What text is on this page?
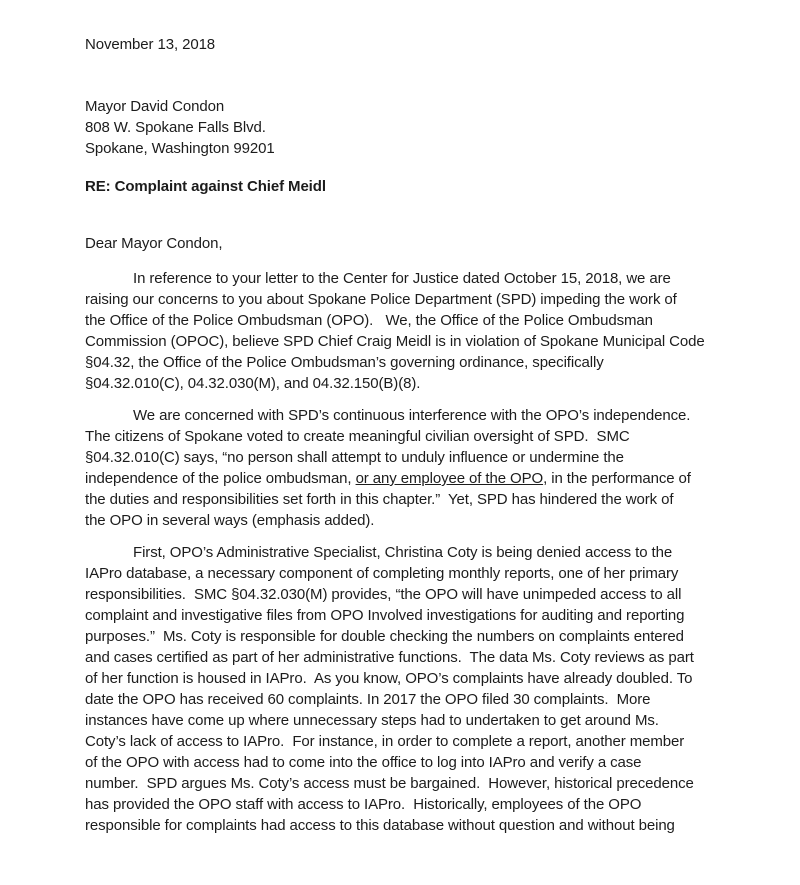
November 13, 2018
Mayor David Condon
808 W. Spokane Falls Blvd.
Spokane, Washington 99201
RE: Complaint against Chief Meidl
Dear Mayor Condon,
In reference to your letter to the Center for Justice dated October 15, 2018, we are
raising our concerns to you about Spokane Police Department (SPD) impeding the work of
the Office of the Police Ombudsman (OPO).   We, the Office of the Police Ombudsman
Commission (OPOC), believe SPD Chief Craig Meidl is in violation of Spokane Municipal Code
§04.32, the Office of the Police Ombudsman’s governing ordinance, specifically
§04.32.010(C), 04.32.030(M), and 04.32.150(B)(8).
We are concerned with SPD’s continuous interference with the OPO’s independence.
The citizens of Spokane voted to create meaningful civilian oversight of SPD.  SMC
§04.32.010(C) says, “no person shall attempt to unduly influence or undermine the
independence of the police ombudsman, or any employee of the OPO, in the performance of
the duties and responsibilities set forth in this chapter.”  Yet, SPD has hindered the work of
the OPO in several ways (emphasis added).
First, OPO’s Administrative Specialist, Christina Coty is being denied access to the
IAPro database, a necessary component of completing monthly reports, one of her primary
responsibilities.  SMC §04.32.030(M) provides, “the OPO will have unimpeded access to all
complaint and investigative files from OPO Involved investigations for auditing and reporting
purposes.”  Ms. Coty is responsible for double checking the numbers on complaints entered
and cases certified as part of her administrative functions.  The data Ms. Coty reviews as part
of her function is housed in IAPro.  As you know, OPO’s complaints have already doubled. To
date the OPO has received 60 complaints. In 2017 the OPO filed 30 complaints.  More
instances have come up where unnecessary steps had to undertaken to get around Ms.
Coty’s lack of access to IAPro.  For instance, in order to complete a report, another member
of the OPO with access had to come into the office to log into IAPro and verify a case
number.  SPD argues Ms. Coty’s access must be bargained.  However, historical precedence
has provided the OPO staff with access to IAPro.  Historically, employees of the OPO
responsible for complaints had access to this database without question and without being
